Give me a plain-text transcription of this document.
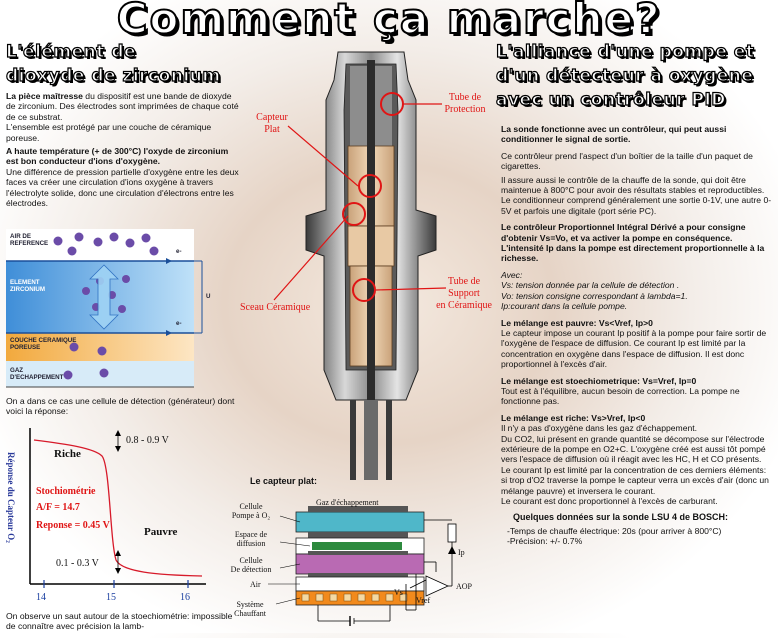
Comment ça marche?
L'élément de
dioxyde de zirconium

La pièce maîtresse du dispositif est une bande de dioxyde de zirconium. Des électrodes sont imprimées de chaque coté de ce substrat.
L'ensemble est protégé par une couche de céramique poreuse.

A haute température (+ de 300°C) l'oxyde de zirconium est bon conducteur d'ions d'oxygène.
Une différence de pression partielle d'oxygène entre les deux faces va créer une circulation d'ions oxygène à travers l'électrolyte solide, donc une circulation d'électrons entre les électrodes.

AIR DE REFERENCE
ELEMENT ZIRCONIUM
COUCHE CERAMIQUE POREUSE
GAZ D'ECHAPPEMENT
e-
e-
U
On a dans ce cas une cellule de détection (générateur) dont voici la réponse:
Réponse du Capteur O₂	Riche
0.8 - 0.9 V
Stochiométrie
A/F = 14.7
Reponse = 0.45 V
Pauvre
0.1 - 0.3 V
14	15	16
On observe un saut autour de la stoechiométrie: impossible de connaître avec précision la lamb-
Capteur
Plat
Tube de
Protection
Sceau Céramique
Tube de
Support
en Céramique
Le capteur plat:
Gaz d'échappement
Cellule
Pompe à O₂
Espace de
diffusion
Cellule
De détection
Air
Système
Chauffant
Ip
AOP
Vs
Vref
L'alliance d'une pompe et
d'un détecteur à oxygène
avec un contrôleur PID

La sonde fonctionne avec un contrôleur, qui peut aussi conditionner le signal de sortie.

Ce contrôleur prend l'aspect d'un boîtier de la taille d'un paquet de cigarettes.

Il assure aussi le contrôle de la chauffe de la sonde, qui doit être maintenue à 800°C pour avoir des résultats stables et reproductibles.

Le conditionneur comprend généralement une sortie 0-1V, une autre 0-5V et parfois une digitale (port série PC).

Le contrôleur Proportionnel Intégral Dérivé a pour consigne d'obtenir Vs=Vo, et va activer la pompe en conséquence.

L'intensité Ip dans la pompe est directement proportionnelle à la richesse.

Avec:

Vs: tension donnée par la cellule de détection .

Vo: tension consigne correspondant à lambda=1.

Ip:courant dans la cellule pompe.

Le mélange est pauvre: Vs<Vref, Ip>0

Le capteur impose un courant Ip positif à la pompe pour faire sortir de l'oxygène de l'espace de diffusion. Ce courant Ip est limité par la concentration en oxygène dans l'espace de diffusion. Il est donc proportionnel à l'excès d'air.

Le mélange est stoechiometrique: Vs=Vref, Ip=0

Tout est à l'équilibre, aucun besoin de correction. La pompe ne fonctionne pas.

Le mélange est riche: Vs>Vref, Ip<0

Il n'y a pas d'oxygène dans les gaz d'échappement.

Du CO2, lui présent en grande quantité se décompose sur l'électrode extérieure de la pompe en O2+C. L'oxygène créé est aussi tôt pompé vers l'espace de diffusion où il réagit avec les HC, H et CO présents.

Le courant Ip est limité par la concentration de ces derniers éléments: si trop d'O2 traverse la pompe le capteur verra un excès d'air (donc un mélange pauvre) et inversera le courant.

Le courant est donc proportionnel à l'excès de carburant.

Quelques données sur la sonde LSU 4 de BOSCH:

-Temps de chauffe électrique: 20s (pour arriver à 800°C)

-Précision: +/- 0.7%
